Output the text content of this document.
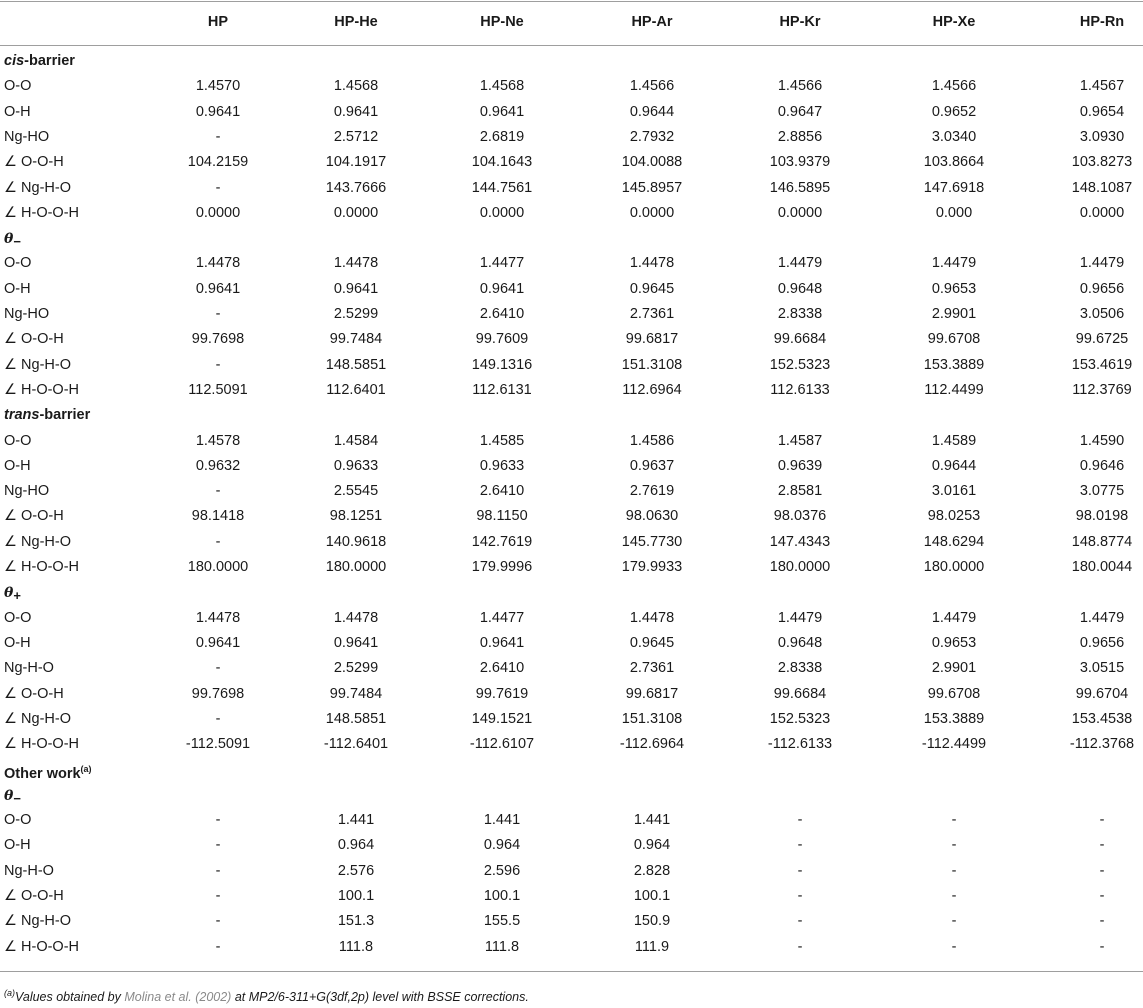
HP	HP-He	HP-Ne	HP-Ar	HP-Kr	HP-Xe	HP-Rn
cis-barrier
O-O	1.4570	1.4568	1.4568	1.4566	1.4566	1.4566	1.4567
O-H	0.9641	0.9641	0.9641	0.9644	0.9647	0.9652	0.9654
Ng-HO	-	2.5712	2.6819	2.7932	2.8856	3.0340	3.0930
∠ O-O-H	104.2159	104.1917	104.1643	104.0088	103.9379	103.8664	103.8273
∠ Ng-H-O	-	143.7666	144.7561	145.8957	146.5895	147.6918	148.1087
∠ H-O-O-H	0.0000	0.0000	0.0000	0.0000	0.0000	0.000	0.0000
θ−
O-O	1.4478	1.4478	1.4477	1.4478	1.4479	1.4479	1.4479
O-H	0.9641	0.9641	0.9641	0.9645	0.9648	0.9653	0.9656
Ng-HO	-	2.5299	2.6410	2.7361	2.8338	2.9901	3.0506
∠ O-O-H	99.7698	99.7484	99.7609	99.6817	99.6684	99.6708	99.6725
∠ Ng-H-O	-	148.5851	149.1316	151.3108	152.5323	153.3889	153.4619
∠ H-O-O-H	112.5091	112.6401	112.6131	112.6964	112.6133	112.4499	112.3769
trans-barrier
O-O	1.4578	1.4584	1.4585	1.4586	1.4587	1.4589	1.4590
O-H	0.9632	0.9633	0.9633	0.9637	0.9639	0.9644	0.9646
Ng-HO	-	2.5545	2.6410	2.7619	2.8581	3.0161	3.0775
∠ O-O-H	98.1418	98.1251	98.1150	98.0630	98.0376	98.0253	98.0198
∠ Ng-H-O	-	140.9618	142.7619	145.7730	147.4343	148.6294	148.8774
∠ H-O-O-H	180.0000	180.0000	179.9996	179.9933	180.0000	180.0000	180.0044
θ+
O-O	1.4478	1.4478	1.4477	1.4478	1.4479	1.4479	1.4479
O-H	0.9641	0.9641	0.9641	0.9645	0.9648	0.9653	0.9656
Ng-H-O	-	2.5299	2.6410	2.7361	2.8338	2.9901	3.0515
∠ O-O-H	99.7698	99.7484	99.7619	99.6817	99.6684	99.6708	99.6704
∠ Ng-H-O	-	148.5851	149.1521	151.3108	152.5323	153.3889	153.4538
∠ H-O-O-H	-112.5091	-112.6401	-112.6107	-112.6964	-112.6133	-112.4499	-112.3768
Other work$^{(a)}$
θ−
O-O	-	1.441	1.441	1.441	-	-	-
O-H	-	0.964	0.964	0.964	-	-	-
Ng-H-O	-	2.576	2.596	2.828	-	-	-
∠ O-O-H	-	100.1	100.1	100.1	-	-	-
∠ Ng-H-O	-	151.3	155.5	150.9	-	-	-
∠ H-O-O-H	-	111.8	111.8	111.9	-	-	-
$^{(a)}$Values obtained by Molina et al. (2002) at MP2/6-311+G(3df,2p) level with BSSE corrections.
